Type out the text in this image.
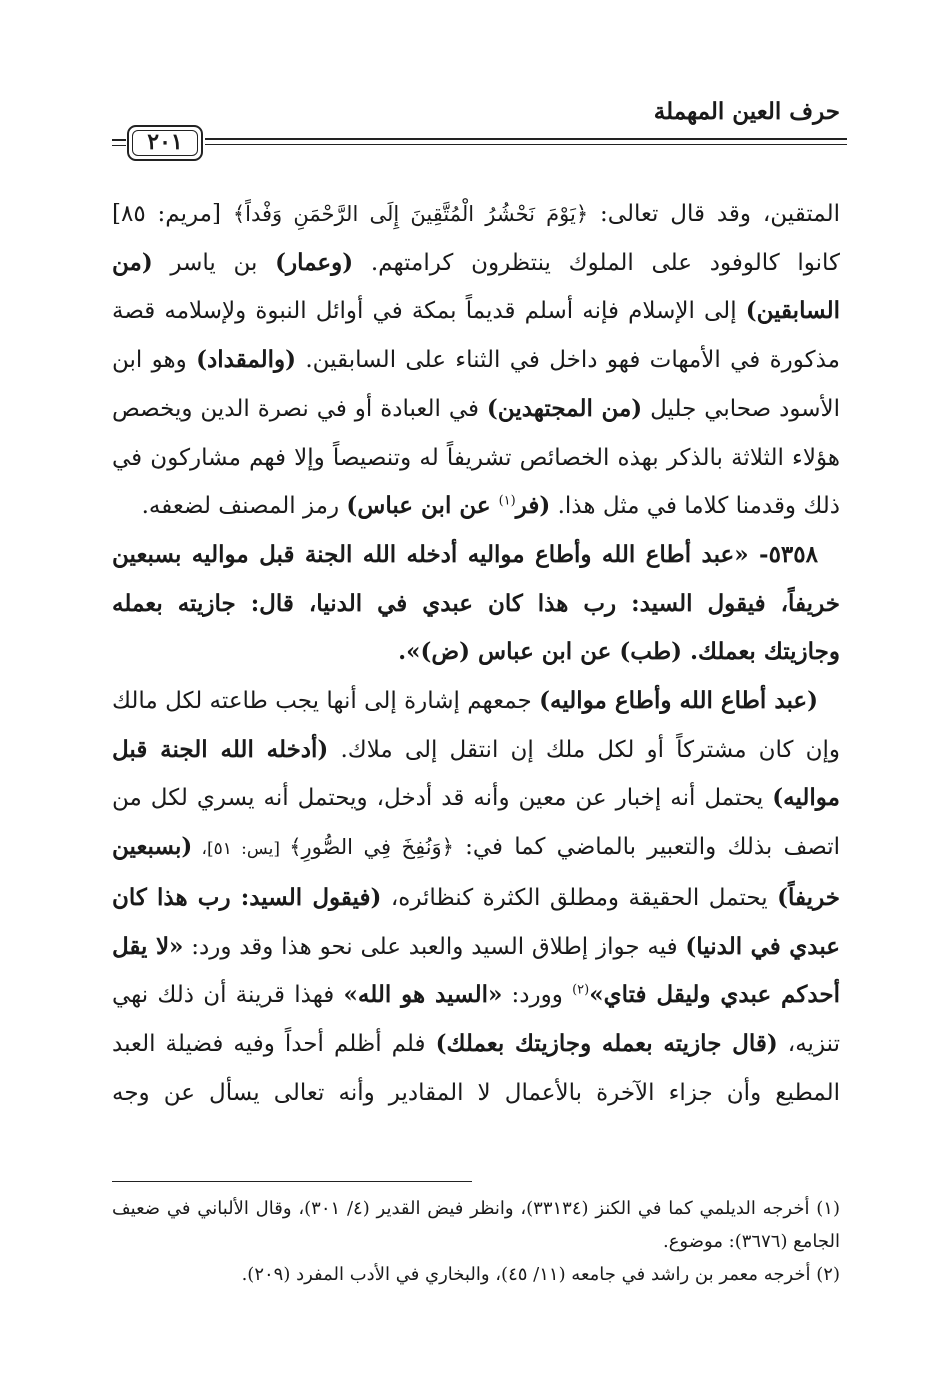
حرف العين المهملة
٢٠١

المتقين، وقد قال تعالى: ﴿يَوْمَ نَحْشُرُ الْمُتَّقِينَ إِلَى الرَّحْمَنِ وَفْداً﴾ [مريم: ٨٥] كانوا كالوفود على الملوك ينتظرون كرامتهم. (وعمار) بن ياسر (من السابقين) إلى الإسلام فإنه أسلم قديماً بمكة في أوائل النبوة ولإسلامه قصة مذكورة في الأمهات فهو داخل في الثناء على السابقين. (والمقداد) وهو ابن الأسود صحابي جليل (من المجتهدين) في العبادة أو في نصرة الدين ويخصص هؤلاء الثلاثة بالذكر بهذه الخصائص تشريفاً له وتنصيصاً وإلا فهم مشاركون في ذلك وقدمنا كلاما في مثل هذا. (فر$^{(١)}$ عن ابن عباس) رمز المصنف لضعفه.

٥٣٥٨- «عبد أطاع الله وأطاع مواليه أدخله الله الجنة قبل مواليه بسبعين خريفاً، فيقول السيد: رب هذا كان عبدي في الدنيا، قال: جازيته بعمله وجازيتك بعملك. (طب) عن ابن عباس (ض)».

(عبد أطاع الله وأطاع مواليه) جمعهم إشارة إلى أنها يجب طاعته لكل مالك وإن كان مشتركاً أو لكل ملك إن انتقل إلى ملاك. (أدخله الله الجنة قبل مواليه) يحتمل أنه إخبار عن معين وأنه قد أدخل، ويحتمل أنه يسري لكل من اتصف بذلك والتعبير بالماضي كما في: ﴿وَنُفِخَ فِي الصُّورِ﴾ [يس: ٥١]، (بسبعين خريفاً) يحتمل الحقيقة ومطلق الكثرة كنظائره، (فيقول السيد: رب هذا كان عبدي في الدنيا) فيه جواز إطلاق السيد والعبد على نحو هذا وقد ورد: «لا يقل أحدكم عبدي وليقل فتاي»$^{(٢)}$ وورد: «السيد هو الله» فهذا قرينة أن ذلك نهي تنزيه، (قال جازيته بعمله وجازيتك بعملك) فلم أظلم أحداً وفيه فضيلة العبد المطيع وأن جزاء الآخرة بالأعمال لا المقادير وأنه تعالى يسأل عن وجه

(١) أخرجه الديلمي كما في الكنز (٣٣١٣٤)، وانظر فيض القدير (٤/ ٣٠١)، وقال الألباني في ضعيف الجامع (٣٦٧٦): موضوع.

(٢) أخرجه معمر بن راشد في جامعه (١١/ ٤٥)، والبخاري في الأدب المفرد (٢٠٩).
